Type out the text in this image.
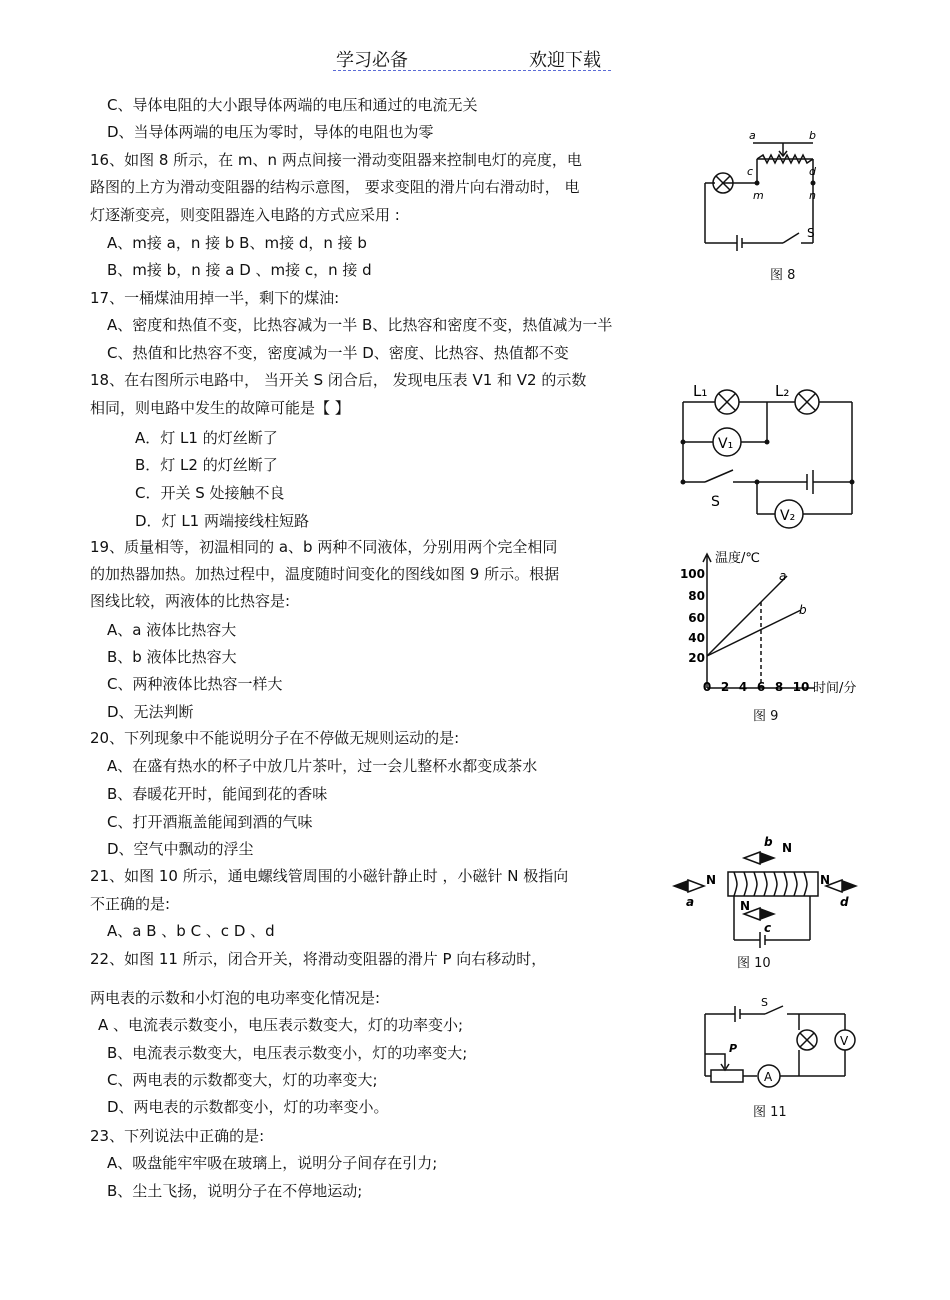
学习必备	欢迎下载
C、导体电阻的大小跟导体两端的电压和通过的电流无关
D、当导体两端的电压为零时，导体的电阻也为零
16、如图 8 所示，在 m、n 两点间接一滑动变阻器来控制电灯的亮度，电
路图的上方为滑动变阻器的结构示意图， 要求变阻的滑片向右滑动时， 电
灯逐渐变亮，则变阻器连入电路的方式应采用 :
A、m接 a，n 接 b B、m接 d，n 接 b
B、m接 b，n 接 a D 、m接 c，n 接 d
17、一桶煤油用掉一半，剩下的煤油:
A、密度和热值不变，比热容减为一半 B、比热容和密度不变，热值减为一半
C、热值和比热容不变，密度减为一半 D、密度、比热容、热值都不变
18、在右图所示电路中， 当开关 S 闭合后， 发现电压表 V1 和 V2 的示数
相同，则电路中发生的故障可能是【 】
A．灯 L1 的灯丝断了
B．灯 L2 的灯丝断了
C．开关 S 处接触不良
D．灯 L1 两端接线柱短路
19、质量相等，初温相同的 a、b 两种不同液体，分别用两个完全相同
的加热器加热。加热过程中，温度随时间变化的图线如图 9 所示。根据
图线比较，两液体的比热容是:
A、a 液体比热容大
B、b 液体比热容大
C、两种液体比热容一样大
D、无法判断
20、下列现象中不能说明分子在不停做无规则运动的是:
A、在盛有热水的杯子中放几片茶叶，过一会儿整杯水都变成茶水
B、春暖花开时，能闻到花的香味
C、打开酒瓶盖能闻到酒的气味
D、空气中飘动的浮尘
21、如图 10 所示，通电螺线管周围的小磁针静止时 ，小磁针 N 极指向
不正确的是:
A、a B 、b C 、c D 、d
22、如图 11 所示，闭合开关，将滑动变阻器的滑片 P 向右移动时，
两电表的示数和小灯泡的电功率变化情况是:
A 、电流表示数变小，电压表示数变大，灯的功率变小;
B、电流表示数变大，电压表示数变小，灯的功率变大;
C、两电表的示数都变大，灯的功率变大;
D、两电表的示数都变小，灯的功率变小。
23、下列说法中正确的是:
A、吸盘能牢牢吸在玻璃上，说明分子间存在引力;
B、尘土飞扬，说明分子在不停地运动;
a	b
c	d
m	n
S
图 8
L₁	L₂
V₁
V₂
S
温度/℃
时间/分
100
80
60
40
20
0 2 4 6 8 10
a
b
图 9
N
N
N
N
a
b
c
d
图 10
S
P
A
V
图 11
